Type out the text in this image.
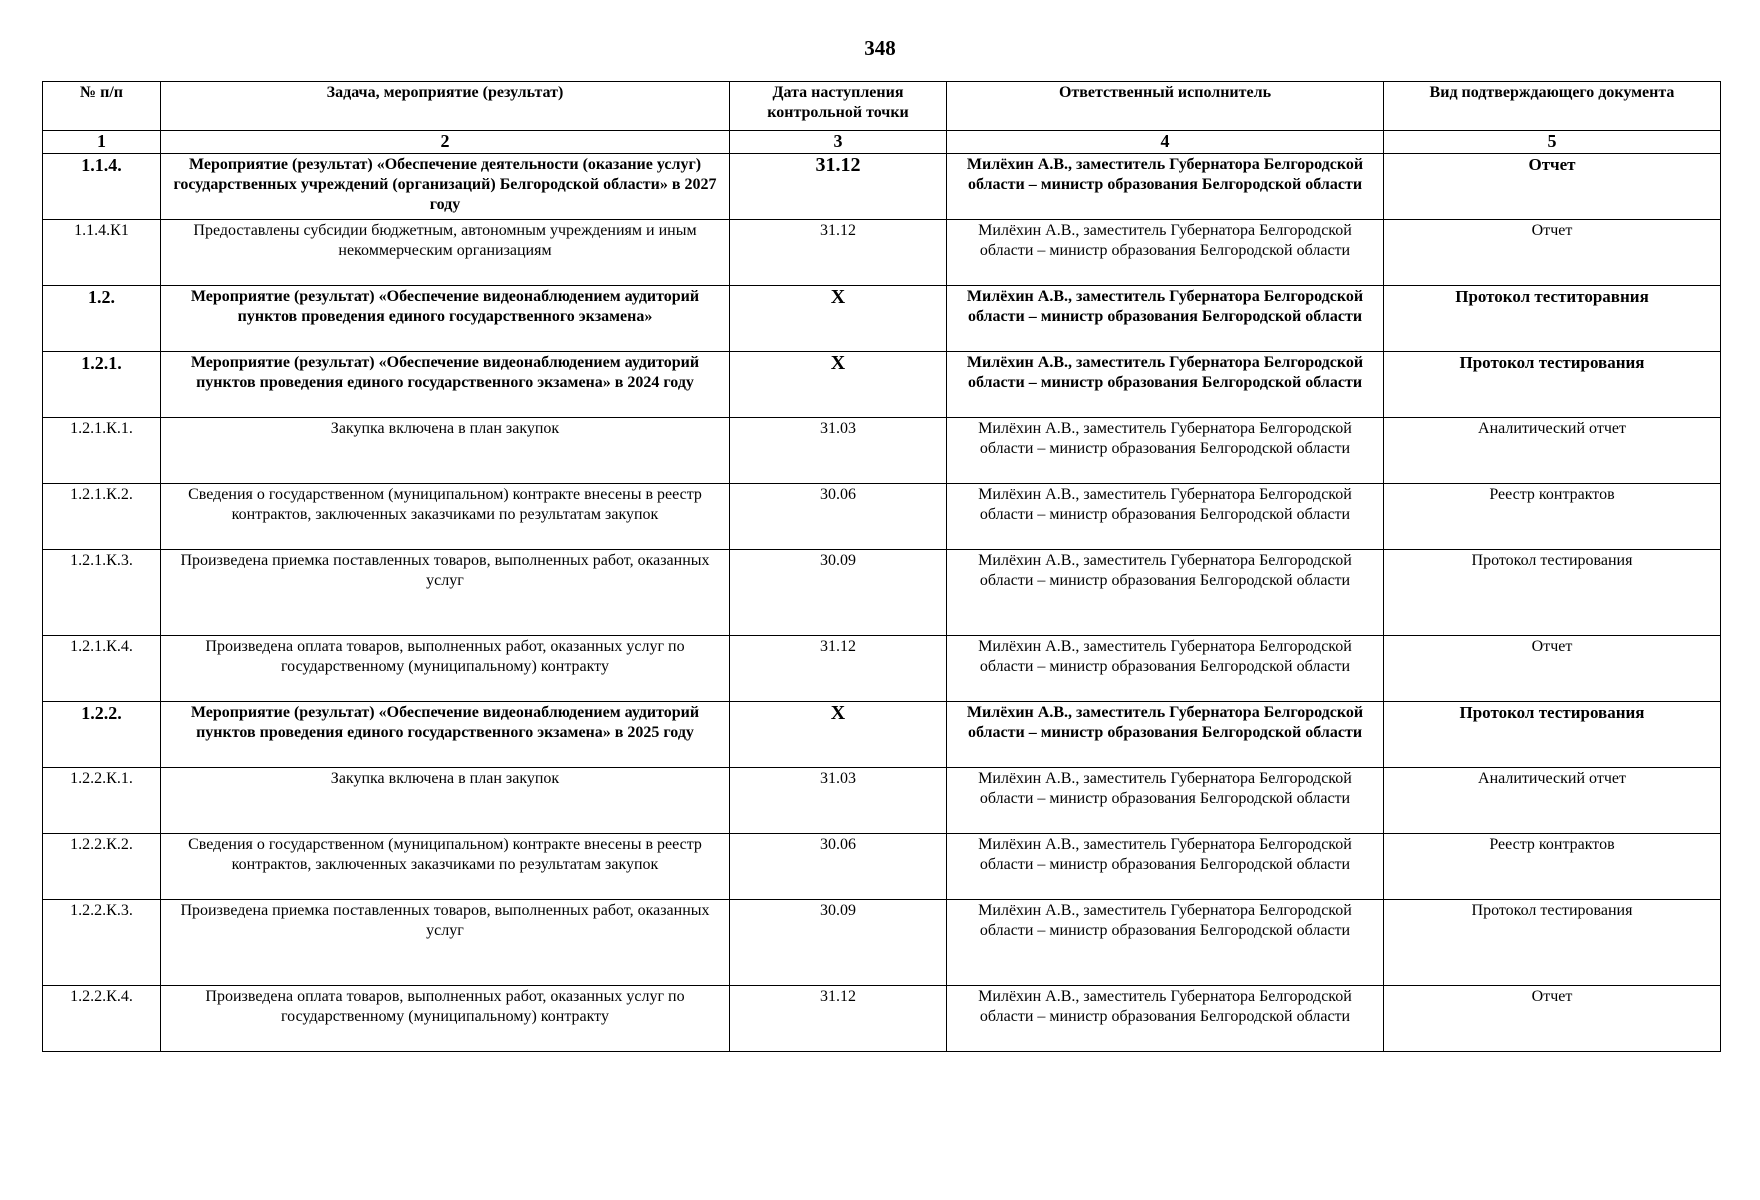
348
№ п/п	Задача, мероприятие (результат)	Дата наступления контрольной точки	Ответственный исполнитель	Вид подтверждающего документа
1	2	3	4	5
1.1.4.	Мероприятие (результат) «Обеспечение деятельности (оказание услуг) государственных учреждений (организаций) Белгородской области» в 2027 году	31.12	Милёхин А.В., заместитель Губернатора Белгородской области – министр образования Белгородской области	Отчет
1.1.4.К1	Предоставлены субсидии бюджетным, автономным учреждениям и иным некоммерческим организациям	31.12	Милёхин А.В., заместитель Губернатора Белгородской области – министр образования Белгородской области	Отчет
1.2.	Мероприятие (результат) «Обеспечение видеонаблюдением аудиторий пунктов проведения единого государственного экзамена»	Х	Милёхин А.В., заместитель Губернатора Белгородской области – министр образования Белгородской области	Протокол теститоравния
1.2.1.	Мероприятие (результат) «Обеспечение видеонаблюдением аудиторий пунктов проведения единого государственного экзамена» в 2024 году	Х	Милёхин А.В., заместитель Губернатора Белгородской области – министр образования Белгородской области	Протокол тестирования
1.2.1.К.1.	Закупка включена в план закупок	31.03	Милёхин А.В., заместитель Губернатора Белгородской области – министр образования Белгородской области	Аналитический отчет
1.2.1.К.2.	Сведения о государственном (муниципальном) контракте внесены в реестр контрактов, заключенных заказчиками по результатам закупок	30.06	Милёхин А.В., заместитель Губернатора Белгородской области – министр образования Белгородской области	Реестр контрактов
1.2.1.К.3.	Произведена приемка поставленных товаров, выполненных работ, оказанных услуг	30.09	Милёхин А.В., заместитель Губернатора Белгородской области – министр образования Белгородской области	Протокол тестирования
1.2.1.К.4.	Произведена оплата товаров, выполненных работ, оказанных услуг по государственному (муниципальному) контракту	31.12	Милёхин А.В., заместитель Губернатора Белгородской области – министр образования Белгородской области	Отчет
1.2.2.	Мероприятие (результат) «Обеспечение видеонаблюдением аудиторий пунктов проведения единого государственного экзамена» в 2025 году	Х	Милёхин А.В., заместитель Губернатора Белгородской области – министр образования Белгородской области	Протокол тестирования
1.2.2.К.1.	Закупка включена в план закупок	31.03	Милёхин А.В., заместитель Губернатора Белгородской области – министр образования Белгородской области	Аналитический отчет
1.2.2.К.2.	Сведения о государственном (муниципальном) контракте внесены в реестр контрактов, заключенных заказчиками по результатам закупок	30.06	Милёхин А.В., заместитель Губернатора Белгородской области – министр образования Белгородской области	Реестр контрактов
1.2.2.К.3.	Произведена приемка поставленных товаров, выполненных работ, оказанных услуг	30.09	Милёхин А.В., заместитель Губернатора Белгородской области – министр образования Белгородской области	Протокол тестирования
1.2.2.К.4.	Произведена оплата товаров, выполненных работ, оказанных услуг по государственному (муниципальному) контракту	31.12	Милёхин А.В., заместитель Губернатора Белгородской области – министр образования Белгородской области	Отчет
